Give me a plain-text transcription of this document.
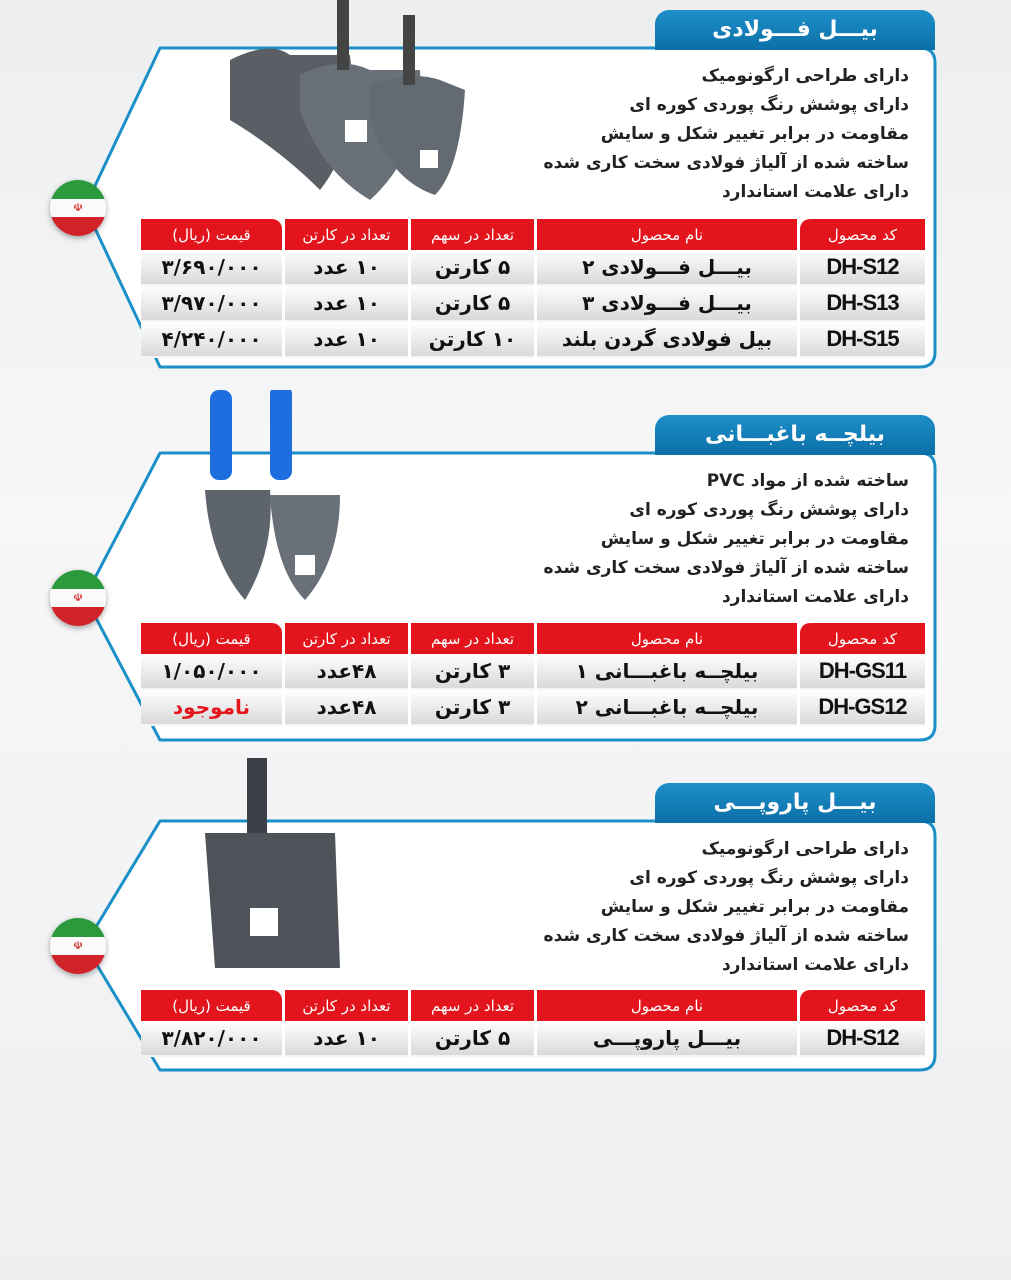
بیـــل فـــولادی
☫
دارای طراحی ارگونومیک
دارای پوشش رنگ پوردی کوره ای
مقاومت در برابر تغییر شکل و سایش
ساخته شده از آلیاژ فولادی سخت کاری شده
دارای علامت استاندارد
کد محصول	نام محصول	تعداد در سهم	تعداد در کارتن	قیمت (ریال)
DH-S12	بیـــل فـــولادی ۲	۵ کارتن	۱۰ عدد	۳/۶۹۰/۰۰۰
DH-S13	بیـــل فـــولادی ۳	۵ کارتن	۱۰ عدد	۳/۹۷۰/۰۰۰
DH-S15	بیل فولادی گردن بلند	۱۰ کارتن	۱۰ عدد	۴/۲۴۰/۰۰۰
بیلچــه باغبـــانی
☫
ساخته شده از مواد PVC
دارای پوشش رنگ پوردی کوره ای
مقاومت در برابر تغییر شکل و سایش
ساخته شده از آلیاژ فولادی سخت کاری شده
دارای علامت استاندارد
کد محصول	نام محصول	تعداد در سهم	تعداد در کارتن	قیمت (ریال)
DH-GS11	بیلچــه باغبـــانی ۱	۳ کارتن	۴۸عدد	۱/۰۵۰/۰۰۰
DH-GS12	بیلچــه باغبـــانی ۲	۳ کارتن	۴۸عدد	ناموجود
بیـــل پاروپـــی
☫
دارای طراحی ارگونومیک
دارای پوشش رنگ پوردی کوره ای
مقاومت در برابر تغییر شکل و سایش
ساخته شده از آلیاژ فولادی سخت کاری شده
دارای علامت استاندارد
کد محصول	نام محصول	تعداد در سهم	تعداد در کارتن	قیمت (ریال)
DH-S12	بیـــل پاروپـــی	۵ کارتن	۱۰ عدد	۳/۸۲۰/۰۰۰
